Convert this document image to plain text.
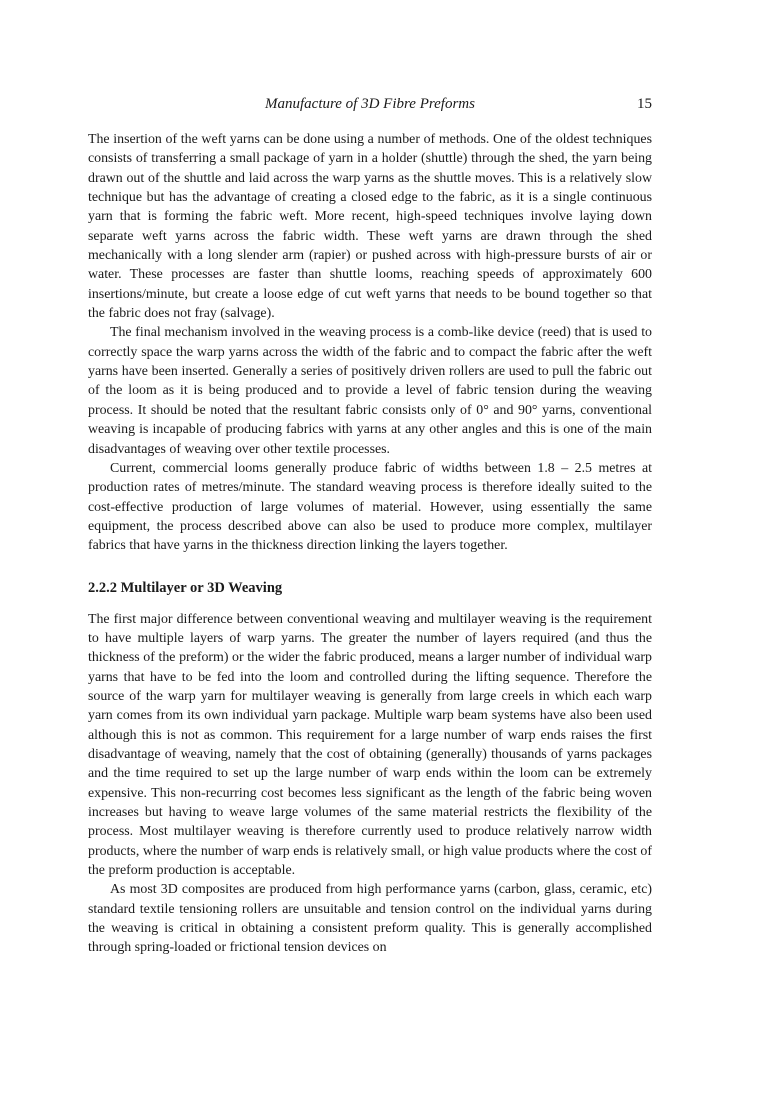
Manufacture of 3D Fibre Preforms	15

The insertion of the weft yarns can be done using a number of methods. One of the oldest techniques consists of transferring a small package of yarn in a holder (shuttle) through the shed, the yarn being drawn out of the shuttle and laid across the warp yarns as the shuttle moves. This is a relatively slow technique but has the advantage of creating a closed edge to the fabric, as it is a single continuous yarn that is forming the fabric weft. More recent, high-speed techniques involve laying down separate weft yarns across the fabric width. These weft yarns are drawn through the shed mechanically with a long slender arm (rapier) or pushed across with high-pressure bursts of air or water. These processes are faster than shuttle looms, reaching speeds of approximately 600 insertions/minute, but create a loose edge of cut weft yarns that needs to be bound together so that the fabric does not fray (salvage).

The final mechanism involved in the weaving process is a comb-like device (reed) that is used to correctly space the warp yarns across the width of the fabric and to compact the fabric after the weft yarns have been inserted. Generally a series of positively driven rollers are used to pull the fabric out of the loom as it is being produced and to provide a level of fabric tension during the weaving process. It should be noted that the resultant fabric consists only of 0° and 90° yarns, conventional weaving is incapable of producing fabrics with yarns at any other angles and this is one of the main disadvantages of weaving over other textile processes.

Current, commercial looms generally produce fabric of widths between 1.8 – 2.5 metres at production rates of metres/minute. The standard weaving process is therefore ideally suited to the cost-effective production of large volumes of material. However, using essentially the same equipment, the process described above can also be used to produce more complex, multilayer fabrics that have yarns in the thickness direction linking the layers together.

2.2.2 Multilayer or 3D Weaving

The first major difference between conventional weaving and multilayer weaving is the requirement to have multiple layers of warp yarns. The greater the number of layers required (and thus the thickness of the preform) or the wider the fabric produced, means a larger number of individual warp yarns that have to be fed into the loom and controlled during the lifting sequence. Therefore the source of the warp yarn for multilayer weaving is generally from large creels in which each warp yarn comes from its own individual yarn package. Multiple warp beam systems have also been used although this is not as common. This requirement for a large number of warp ends raises the first disadvantage of weaving, namely that the cost of obtaining (generally) thousands of yarns packages and the time required to set up the large number of warp ends within the loom can be extremely expensive. This non-recurring cost becomes less significant as the length of the fabric being woven increases but having to weave large volumes of the same material restricts the flexibility of the process. Most multilayer weaving is therefore currently used to produce relatively narrow width products, where the number of warp ends is relatively small, or high value products where the cost of the preform production is acceptable.

As most 3D composites are produced from high performance yarns (carbon, glass, ceramic, etc) standard textile tensioning rollers are unsuitable and tension control on the individual yarns during the weaving is critical in obtaining a consistent preform quality. This is generally accomplished through spring-loaded or frictional tension devices on
